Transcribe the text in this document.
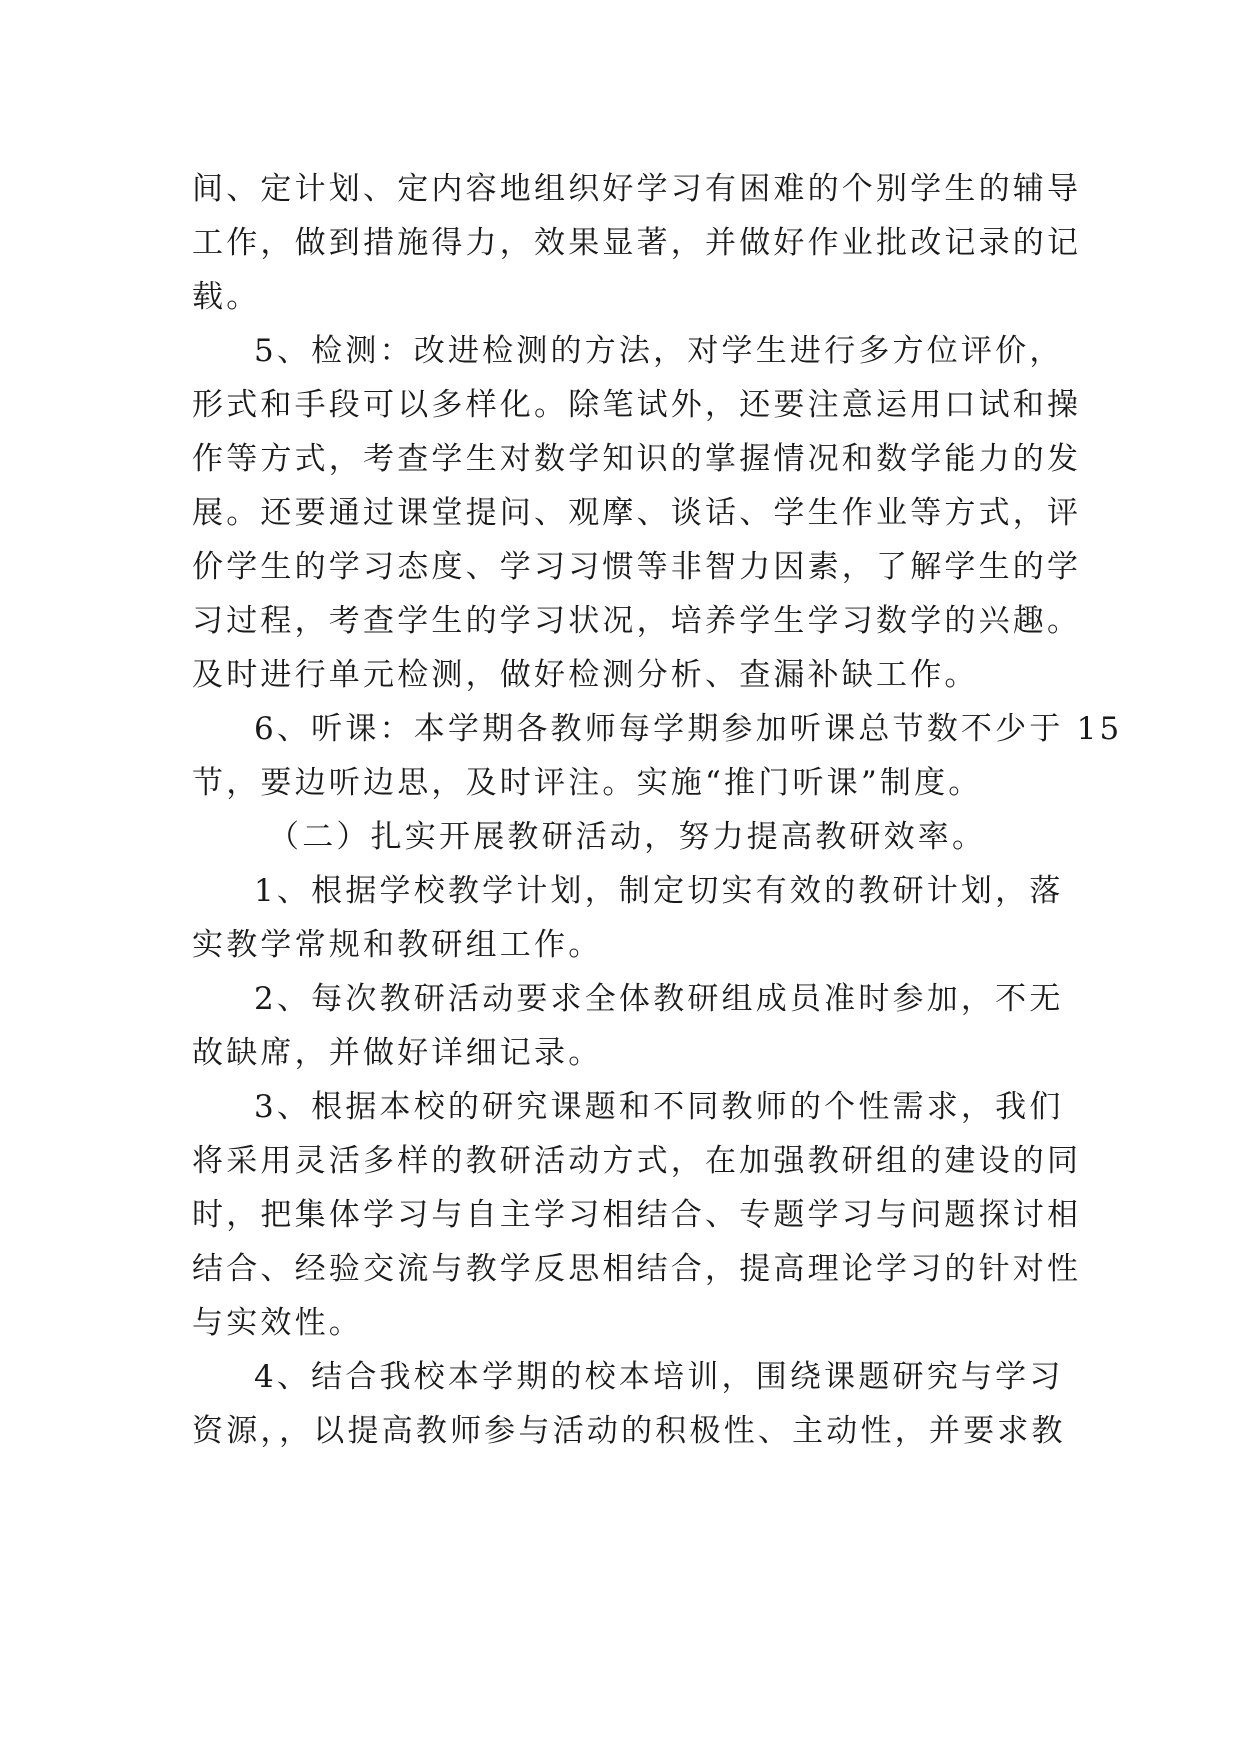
间、定计划、定内容地组织好学习有困难的个别学生的辅导
工作，做到措施得力，效果显著，并做好作业批改记录的记
载。
5、检测：改进检测的方法，对学生进行多方位评价，
形式和手段可以多样化。除笔试外，还要注意运用口试和操
作等方式，考查学生对数学知识的掌握情况和数学能力的发
展。还要通过课堂提问、观摩、谈话、学生作业等方式，评
价学生的学习态度、学习习惯等非智力因素，了解学生的学
习过程，考查学生的学习状况，培养学生学习数学的兴趣。
及时进行单元检测，做好检测分析、查漏补缺工作。
6、听课：本学期各教师每学期参加听课总节数不少于 15
节，要边听边思，及时评注。实施“推门听课”制度。
（二）扎实开展教研活动，努力提高教研效率。
1、根据学校教学计划，制定切实有效的教研计划，落
实教学常规和教研组工作。
2、每次教研活动要求全体教研组成员准时参加，不无
故缺席，并做好详细记录。
3、根据本校的研究课题和不同教师的个性需求，我们
将采用灵活多样的教研活动方式，在加强教研组的建设的同
时，把集体学习与自主学习相结合、专题学习与问题探讨相
结合、经验交流与教学反思相结合，提高理论学习的针对性
与实效性。
4、结合我校本学期的校本培训，围绕课题研究与学习
资源，，以提高教师参与活动的积极性、主动性，并要求教
